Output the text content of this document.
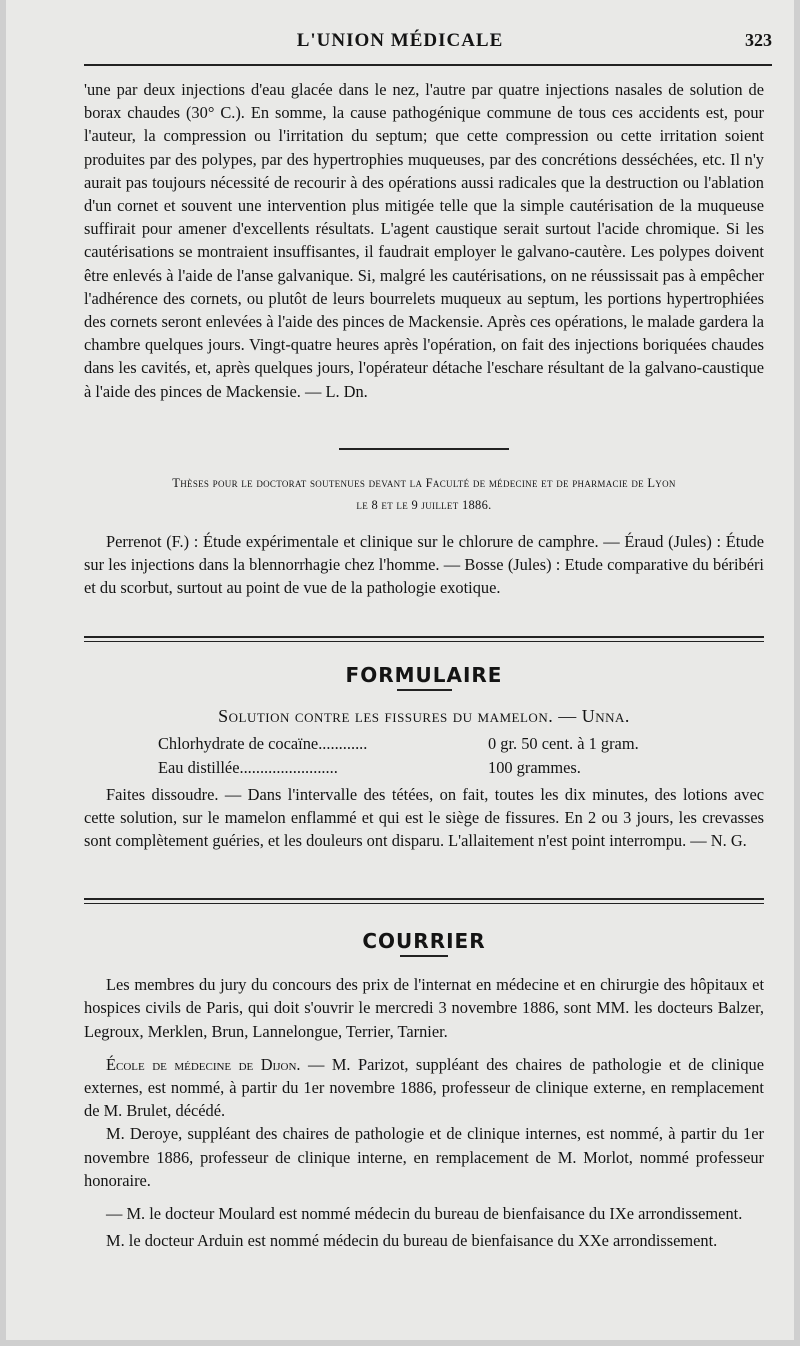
L'UNION MÉDICALE	323

'une par deux injections d'eau glacée dans le nez, l'autre par quatre injections nasales de solution de borax chaudes (30° C.). En somme, la cause pathogénique commune de tous ces accidents est, pour l'auteur, la compression ou l'irritation du septum; que cette compression ou cette irritation soient produites par des polypes, par des hypertrophies muqueuses, par des concrétions desséchées, etc. Il n'y aurait pas toujours nécessité de recourir à des opérations aussi radicales que la destruction ou l'ablation d'un cornet et souvent une intervention plus mitigée telle que la simple cautérisation de la muqueuse suffirait pour amener d'excellents résultats. L'agent caustique serait surtout l'acide chromique. Si les cautérisations se montraient insuffisantes, il faudrait employer le galvano-cautère. Les polypes doivent être enlevés à l'aide de l'anse galvanique. Si, malgré les cautérisations, on ne réussissait pas à empêcher l'adhérence des cornets, ou plutôt de leurs bourrelets muqueux au septum, les portions hypertrophiées des cornets seront enlevées à l'aide des pinces de Mackensie. Après ces opérations, le malade gardera la chambre quelques jours. Vingt-quatre heures après l'opération, on fait des injections boriquées chaudes dans les cavités, et, après quelques jours, l'opérateur détache l'eschare résultant de la galvano-caustique à l'aide des pinces de Mackensie. — L. Dn.

Thèses pour le doctorat soutenues devant la Faculté de médecine et de pharmacie de Lyon
le 8 et le 9 juillet 1886.

Perrenot (F.) : Étude expérimentale et clinique sur le chlorure de camphre. — Éraud (Jules) : Étude sur les injections dans la blennorrhagie chez l'homme. — Bosse (Jules) : Etude comparative du béribéri et du scorbut, surtout au point de vue de la pathologie exotique.

FORMULAIRE
Solution contre les fissures du mamelon. — Unna.
Chlorhydrate de cocaïne............	0 gr. 50 cent. à 1 gram.
Eau distillée........................	100 grammes.

Faites dissoudre. — Dans l'intervalle des tétées, on fait, toutes les dix minutes, des lotions avec cette solution, sur le mamelon enflammé et qui est le siège de fissures. En 2 ou 3 jours, les crevasses sont complètement guéries, et les douleurs ont disparu. L'allaitement n'est point interrompu. — N. G.

COURRIER

Les membres du jury du concours des prix de l'internat en médecine et en chirurgie des hôpitaux et hospices civils de Paris, qui doit s'ouvrir le mercredi 3 novembre 1886, sont MM. les docteurs Balzer, Legroux, Merklen, Brun, Lannelongue, Terrier, Tarnier.

École de médecine de Dijon. — M. Parizot, suppléant des chaires de pathologie et de clinique externes, est nommé, à partir du 1er novembre 1886, professeur de clinique externe, en remplacement de M. Brulet, décédé.

M. Deroye, suppléant des chaires de pathologie et de clinique internes, est nommé, à partir du 1er novembre 1886, professeur de clinique interne, en remplacement de M. Morlot, nommé professeur honoraire.

— M. le docteur Moulard est nommé médecin du bureau de bienfaisance du IXe arrondissement.

M. le docteur Arduin est nommé médecin du bureau de bienfaisance du XXe arrondissement.
